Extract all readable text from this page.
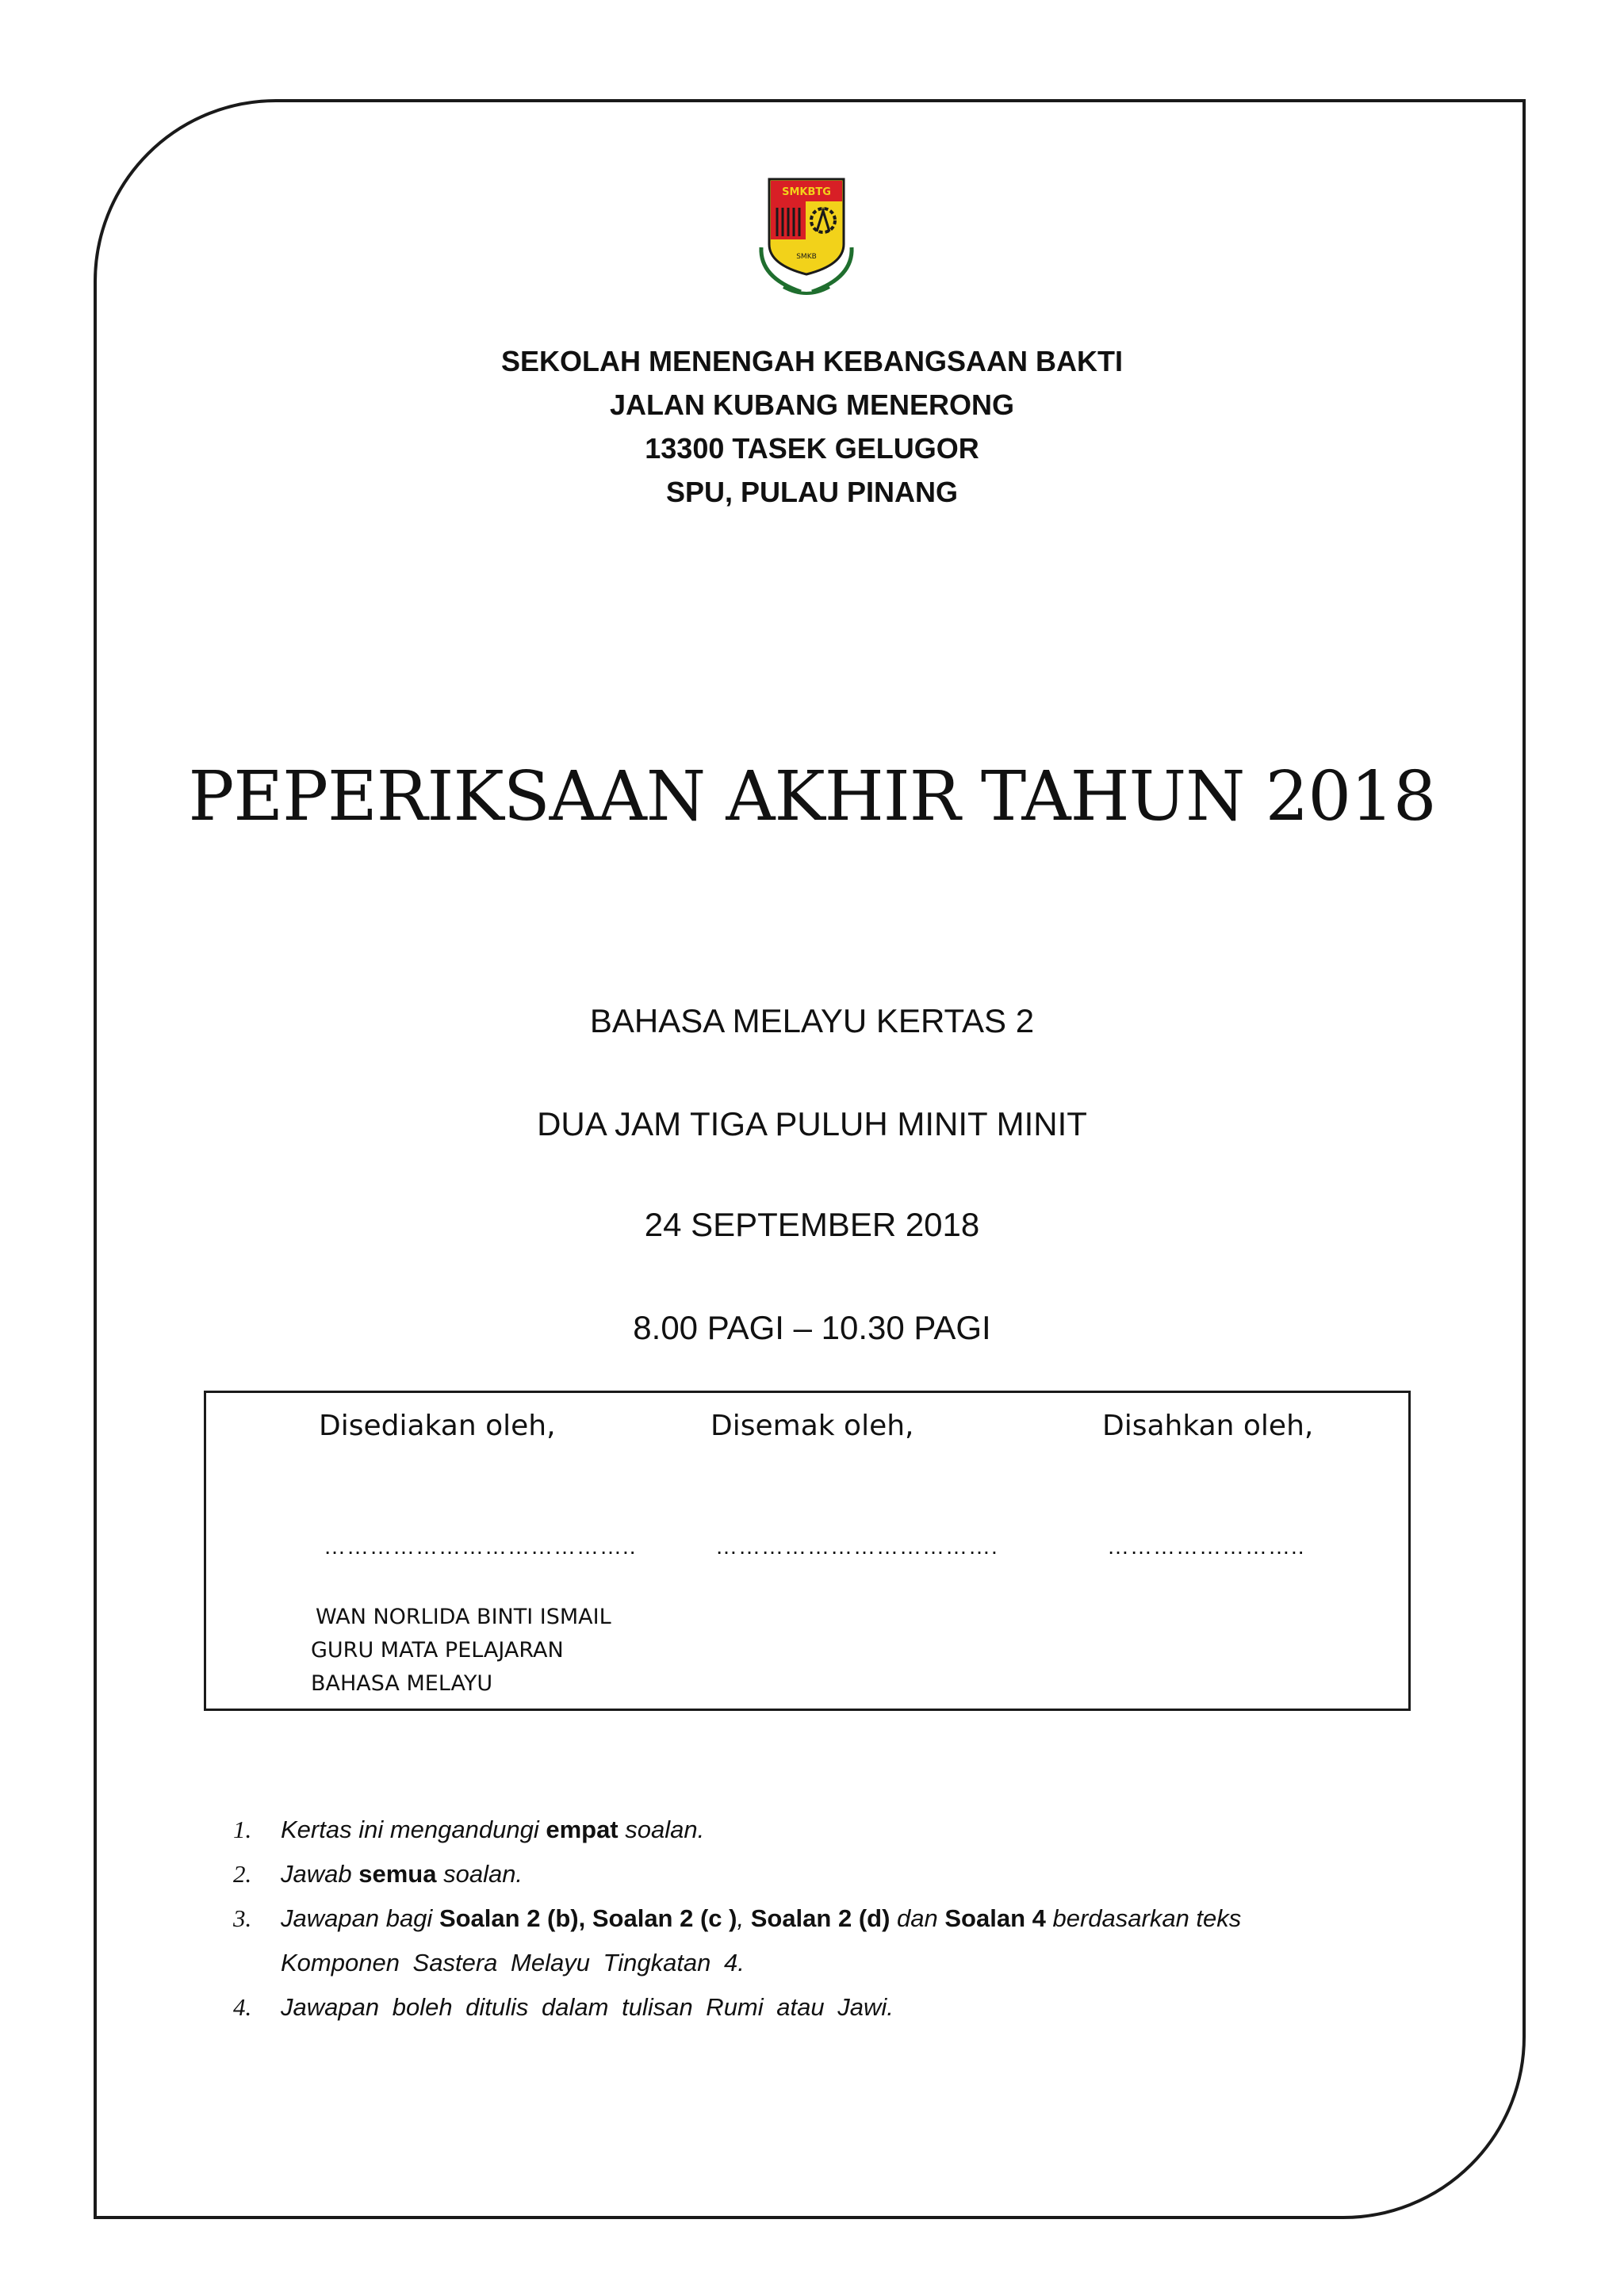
SMKBTG
SMKB
SEKOLAH MENENGAH KEBANGSAAN BAKTI
JALAN KUBANG MENERONG
13300 TASEK GELUGOR
SPU, PULAU PINANG
PEPERIKSAAN AKHIR TAHUN 2018
BAHASA MELAYU KERTAS 2
DUA JAM TIGA PULUH MINIT MINIT
24 SEPTEMBER 2018
8.00 PAGI – 10.30 PAGI
Disediakan oleh,	Disemak oleh,	Disahkan oleh,
…………………………………..	……………………………….	……………………..
WAN NORLIDA BINTI ISMAIL
GURU MATA PELAJARAN
BAHASA MELAYU
1. Kertas ini mengandungi empat soalan.
2. Jawab semua soalan.
3. Jawapan bagi Soalan 2 (b), Soalan 2 (c ), Soalan 2 (d) dan Soalan 4 berdasarkan teks
Komponen Sastera Melayu Tingkatan 4.
4. Jawapan boleh ditulis dalam tulisan Rumi atau Jawi.
